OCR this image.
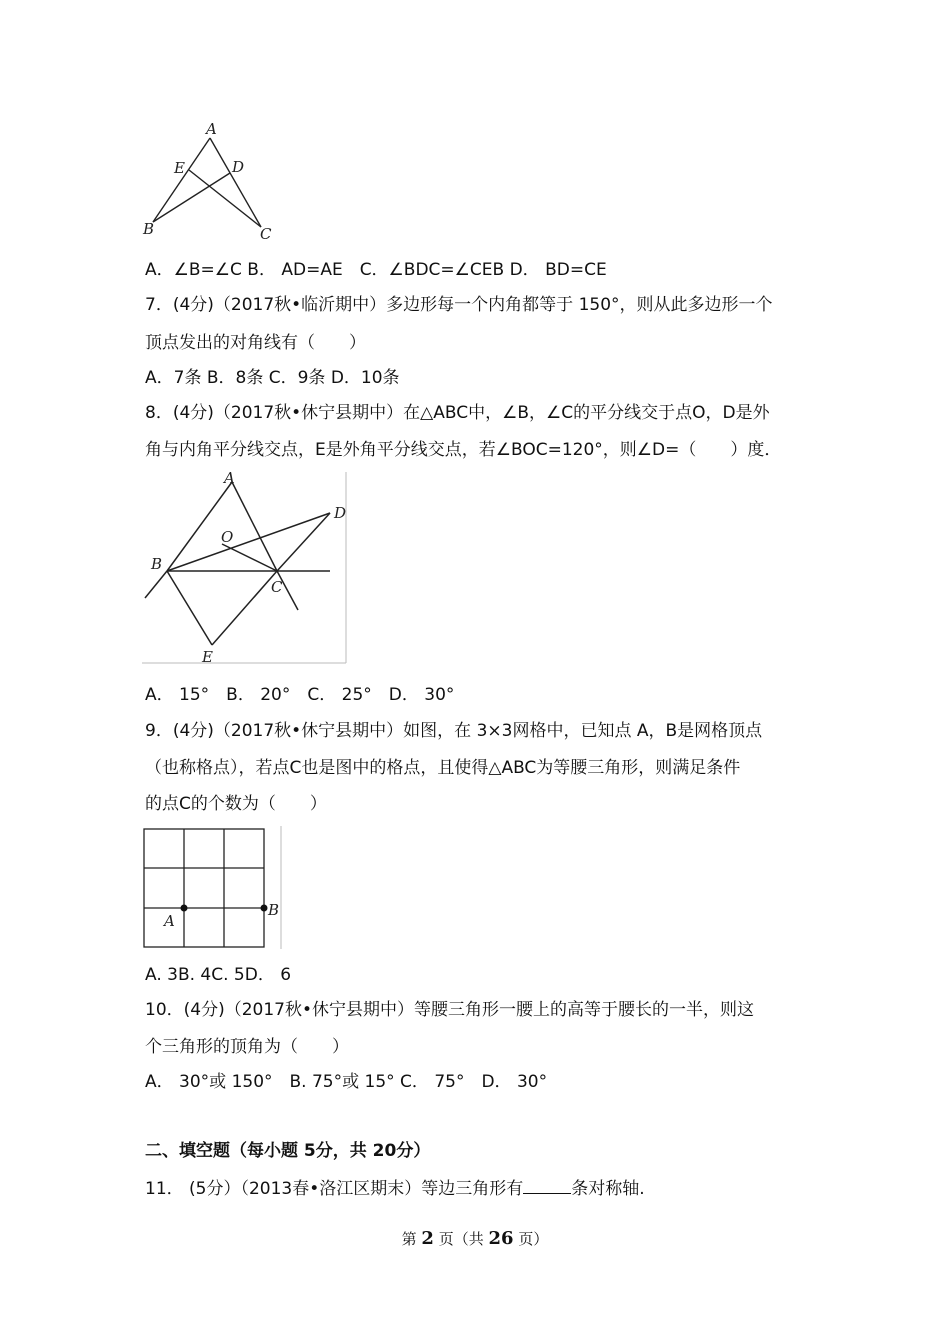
A
E	D
B	C
A．∠B=∠C B． AD=AE　C．∠BDC=∠CEB D． BD=CE
7．(4分)（2017秋•临沂期中）多边形每一个内角都等于 150°，则从此多边形一个
顶点发出的对角线有（　　）
A．7条 B．8条 C．9条 D．10条
8．(4分)（2017秋•休宁县期中）在△ABC中，∠B，∠C的平分线交于点O，D是外
角与内角平分线交点，E是外角平分线交点，若∠BOC=120°，则∠D=（　　）度．
A
D
O
B
C
E
A． 15°　B． 20°　C． 25°　D． 30°
9．(4分)（2017秋•休宁县期中）如图，在 3×3网格中，已知点 A，B是网格顶点
（也称格点），若点C也是图中的格点，且使得△ABC为等腰三角形，则满足条件
的点C的个数为（　　）
A
B
A. 3B. 4C. 5D． 6
10．(4分)（2017秋•休宁县期中）等腰三角形一腰上的高等于腰长的一半，则这
个三角形的顶角为（　　）
A． 30°或 150°　B. 75°或 15° C． 75°　D． 30°
二、填空题（每小题 5分，共 20分）
11． (5分）（2013春•洛江区期末）等边三角形有	条对称轴.
第 2 页（共 26 页）
